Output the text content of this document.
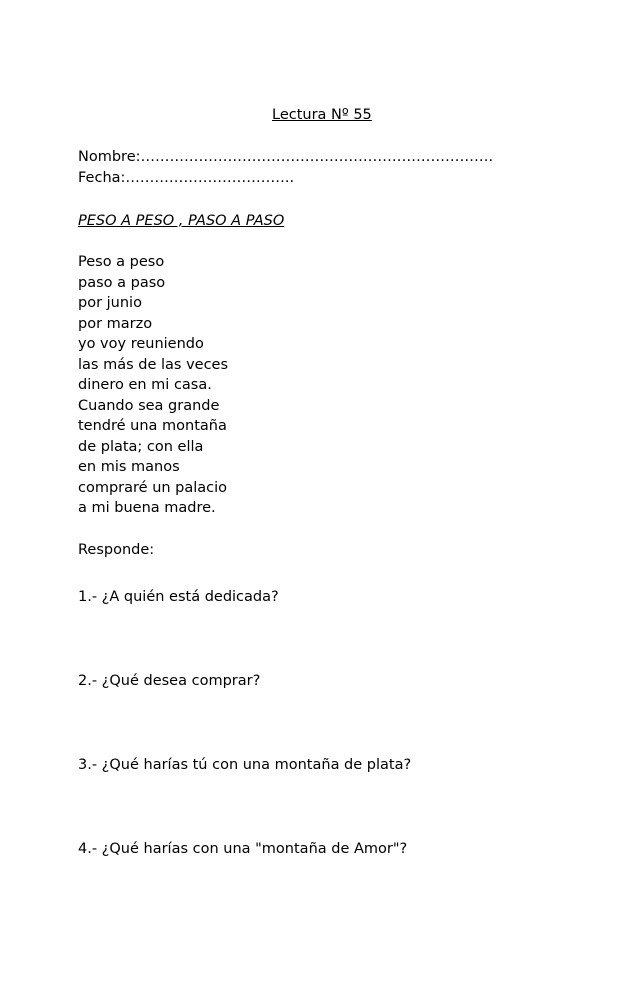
Lectura Nº 55
Nombre:……………………………………………………………….
Fecha:……………………………..
PESO A PESO , PASO A PASO
Peso a peso
paso a paso
por junio
por marzo
yo voy reuniendo
las más de las veces
dinero en mi casa.
Cuando sea grande
tendré una montaña
de plata; con ella
en mis manos
compraré un palacio
a mi buena madre.
Responde:
1.- ¿A quién está dedicada?
2.- ¿Qué desea comprar?
3.- ¿Qué harías tú con una montaña de plata?
4.- ¿Qué harías con una "montaña de Amor"?
